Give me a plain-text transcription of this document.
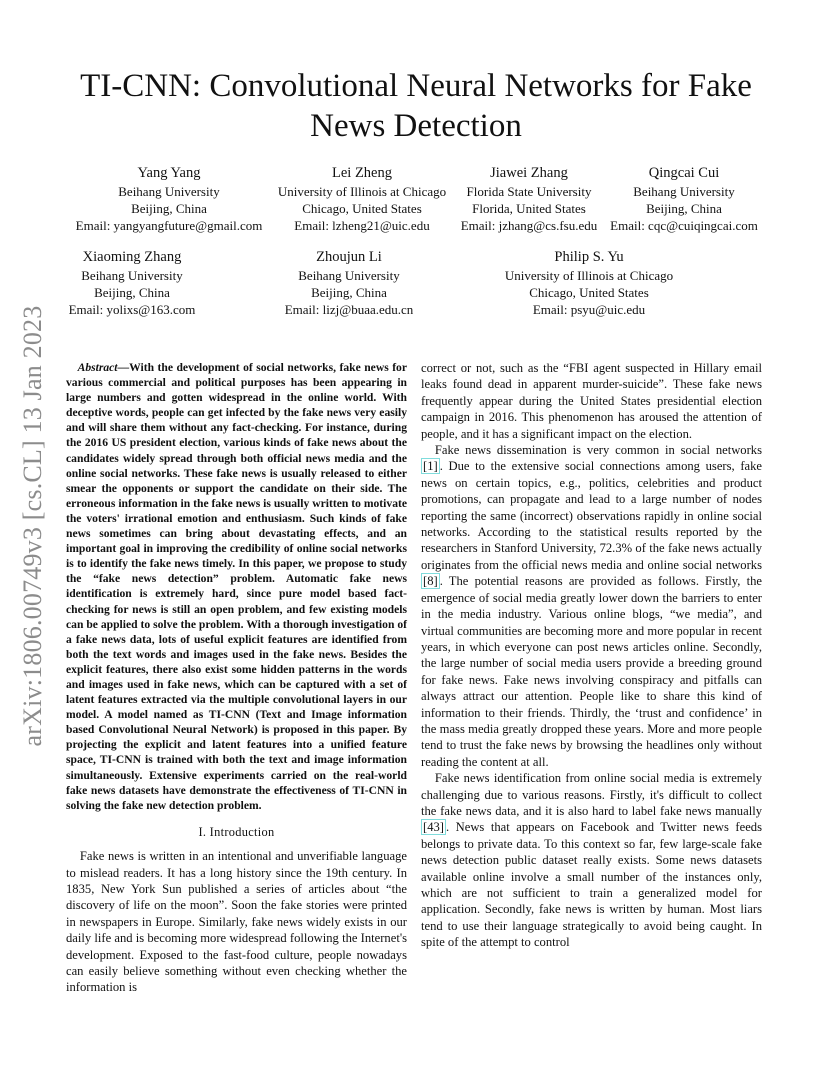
arXiv:1806.00749v3 [cs.CL] 13 Jan 2023
TI-CNN: Convolutional Neural Networks for Fake News Detection
Yang Yang
Beihang University
Beijing, China
Email: yangyangfuture@gmail.com
Lei Zheng
University of Illinois at Chicago
Chicago, United States
Email: lzheng21@uic.edu
Jiawei Zhang
Florida State University
Florida, United States
Email: jzhang@cs.fsu.edu
Qingcai Cui
Beihang University
Beijing, China
Email: cqc@cuiqingcai.com
Xiaoming Zhang
Beihang University
Beijing, China
Email: yolixs@163.com
Zhoujun Li
Beihang University
Beijing, China
Email: lizj@buaa.edu.cn
Philip S. Yu
University of Illinois at Chicago
Chicago, United States
Email: psyu@uic.edu

Abstract—With the development of social networks, fake news for various commercial and political purposes has been appearing in large numbers and gotten widespread in the online world. With deceptive words, people can get infected by the fake news very easily and will share them without any fact-checking. For instance, during the 2016 US president election, various kinds of fake news about the candidates widely spread through both official news media and the online social networks. These fake news is usually released to either smear the opponents or support the candidate on their side. The erroneous information in the fake news is usually written to motivate the voters' irrational emotion and enthusiasm. Such kinds of fake news sometimes can bring about devastating effects, and an important goal in improving the credibility of online social networks is to identify the fake news timely. In this paper, we propose to study the “fake news detection” problem. Automatic fake news identification is extremely hard, since pure model based fact-checking for news is still an open problem, and few existing models can be applied to solve the problem. With a thorough investigation of a fake news data, lots of useful explicit features are identified from both the text words and images used in the fake news. Besides the explicit features, there also exist some hidden patterns in the words and images used in fake news, which can be captured with a set of latent features extracted via the multiple convolutional layers in our model. A model named as TI-CNN (Text and Image information based Convolutional Neural Network) is proposed in this paper. By projecting the explicit and latent features into a unified feature space, TI-CNN is trained with both the text and image information simultaneously. Extensive experiments carried on the real-world fake news datasets have demonstrate the effectiveness of TI-CNN in solving the fake new detection problem.

I. Introduction

Fake news is written in an intentional and unverifiable language to mislead readers. It has a long history since the 19th century. In 1835, New York Sun published a series of articles about “the discovery of life on the moon”. Soon the fake stories were printed in newspapers in Europe. Similarly, fake news widely exists in our daily life and is becoming more widespread following the Internet's development. Exposed to the fast-food culture, people nowadays can easily believe something without even checking whether the information is

correct or not, such as the “FBI agent suspected in Hillary email leaks found dead in apparent murder-suicide”. These fake news frequently appear during the United States presidential election campaign in 2016. This phenomenon has aroused the attention of people, and it has a significant impact on the election.

Fake news dissemination is very common in social networks [1] . Due to the extensive social connections among users, fake news on certain topics, e.g., politics, celebrities and product promotions, can propagate and lead to a large number of nodes reporting the same (incorrect) observations rapidly in online social networks. According to the statistical results reported by the researchers in Stanford University, 72.3% of the fake news actually originates from the official news media and online social networks [8] . The potential reasons are provided as follows. Firstly, the emergence of social media greatly lower down the barriers to enter in the media industry. Various online blogs, “we media”, and virtual communities are becoming more and more popular in recent years, in which everyone can post news articles online. Secondly, the large number of social media users provide a breeding ground for fake news. Fake news involving conspiracy and pitfalls can always attract our attention. People like to share this kind of information to their friends. Thirdly, the ‘trust and confidence’ in the mass media greatly dropped these years. More and more people tend to trust the fake news by browsing the headlines only without reading the content at all.

Fake news identification from online social media is extremely challenging due to various reasons. Firstly, it's difficult to collect the fake news data, and it is also hard to label fake news manually [43] . News that appears on Facebook and Twitter news feeds belongs to private data. To this context so far, few large-scale fake news detection public dataset really exists. Some news datasets available online involve a small number of the instances only, which are not sufficient to train a generalized model for application. Secondly, fake news is written by human. Most liars tend to use their language strategically to avoid being caught. In spite of the attempt to control
